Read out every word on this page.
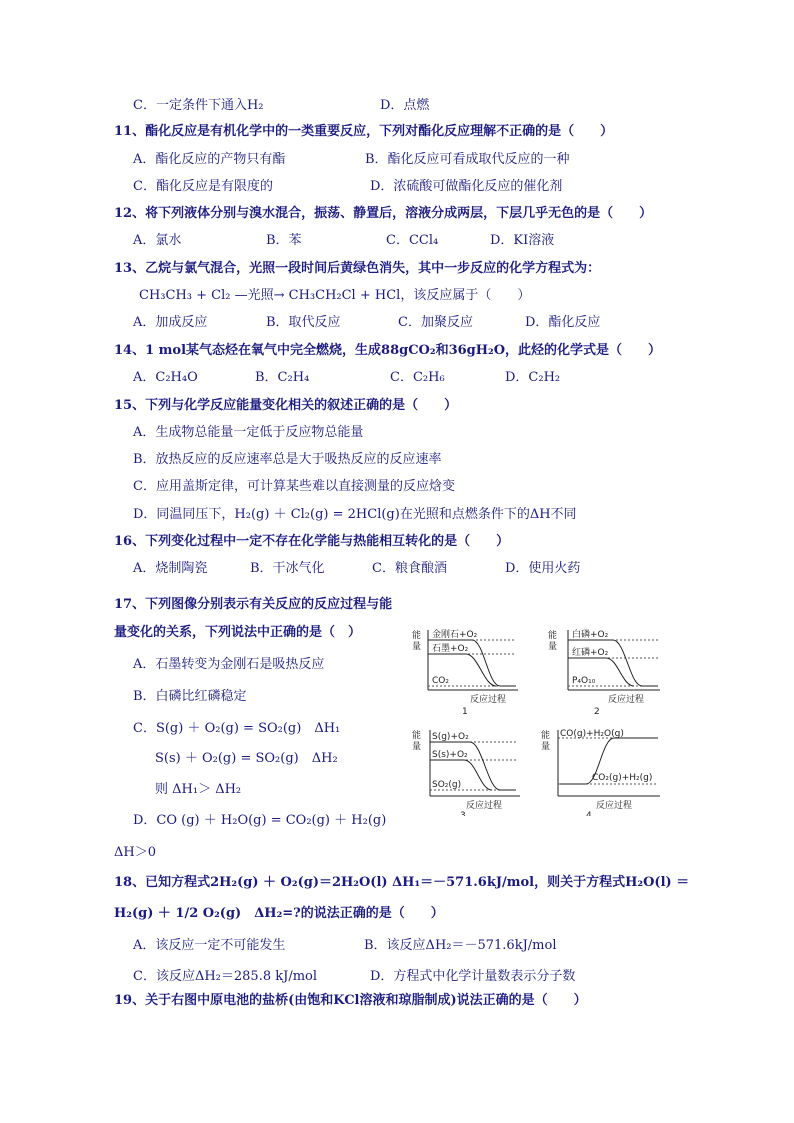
C．一定条件下通入H₂	D．点燃
11、酯化反应是有机化学中的一类重要反应，下列对酯化反应理解不正确的是（　　）
A．酯化反应的产物只有酯	B．酯化反应可看成取代反应的一种
C．酯化反应是有限度的	D．浓硫酸可做酯化反应的催化剂
12、将下列液体分别与溴水混合，振荡、静置后，溶液分成两层，下层几乎无色的是（　　）
A．氯水	B．苯	C．CCl₄	D．KI溶液
13、乙烷与氯气混合，光照一段时间后黄绿色消失，其中一步反应的化学方程式为：
CH₃CH₃ + Cl₂ —光照→ CH₃CH₂Cl + HCl，该反应属于（　　）
A．加成反应	B．取代反应	C．加聚反应	D．酯化反应
14、1 mol某气态烃在氧气中完全燃烧，生成88gCO₂和36gH₂O，此烃的化学式是（　　）
A．C₂H₄O	B．C₂H₄	C．C₂H₆	D．C₂H₂
15、下列与化学反应能量变化相关的叙述正确的是（　　）
A．生成物总能量一定低于反应物总能量
B．放热反应的反应速率总是大于吸热反应的反应速率
C．应用盖斯定律，可计算某些难以直接测量的反应焓变
D．同温同压下，H₂(g) ＋ Cl₂(g) = 2HCl(g)在光照和点燃条件下的ΔH不同
16、下列变化过程中一定不存在化学能与热能相互转化的是（　　）
A．烧制陶瓷	B．干冰气化	C．粮食酿酒	D．使用火药
17、下列图像分别表示有关反应的反应过程与能
量变化的关系，下列说法中正确的是（　）
A．石墨转变为金刚石是吸热反应
B．白磷比红磷稳定
C．S(g) ＋ O₂(g) = SO₂(g)　ΔH₁
S(s) ＋ O₂(g) = SO₂(g)　ΔH₂
则 ΔH₁＞ ΔH₂
D．CO (g) ＋ H₂O(g) = CO₂(g) ＋ H₂(g)
ΔH＞0
18、已知方程式2H₂(g) ＋ O₂(g)＝2H₂O(l) ΔH₁＝－571.6kJ/mol，则关于方程式H₂O(l) ＝
H₂(g) ＋ 1/2 O₂(g)　ΔH₂=?的说法正确的是（　　）
A．该反应一定不可能发生	B．该反应ΔH₂＝－571.6kJ/mol
C．该反应ΔH₂＝285.8 kJ/mol	D．方程式中化学计量数表示分子数
19、关于右图中原电池的盐桥(由饱和KCl溶液和琼脂制成)说法正确的是（　　）
能
量
金刚石+O₂
石墨+O₂
CO₂
反应过程
1
能
量
白磷+O₂
红磷+O₂
P₄O₁₀
反应过程
2
能
量
S(g)+O₂
S(s)+O₂
SO₂(g)
反应过程
3
能
量
CO(g)+H₂O(g)
CO₂(g)+H₂(g)
反应过程
4
